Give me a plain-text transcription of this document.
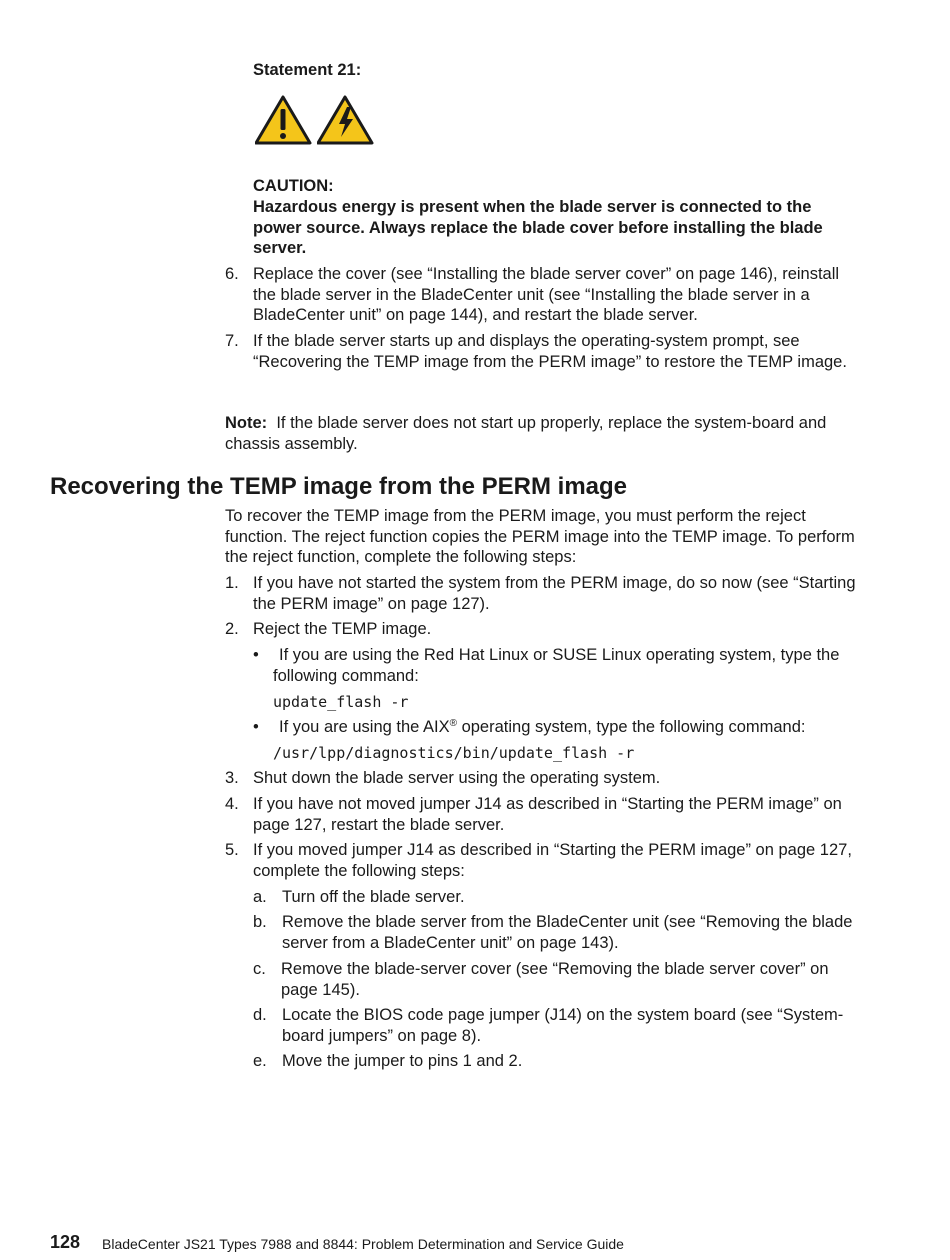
Statement 21:
CAUTION:
Hazardous energy is present when the blade server is connected to the power source. Always replace the blade cover before installing the blade server.
6. Replace the cover (see “Installing the blade server cover” on page 146), reinstall the blade server in the BladeCenter unit (see “Installing the blade server in a BladeCenter unit” on page 144), and restart the blade server.
7. If the blade server starts up and displays the operating-system prompt, see “Recovering the TEMP image from the PERM image” to restore the TEMP image.
Note: If the blade server does not start up properly, replace the system-board and chassis assembly.
Recovering the TEMP image from the PERM image
To recover the TEMP image from the PERM image, you must perform the reject function. The reject function copies the PERM image into the TEMP image. To perform the reject function, complete the following steps:
1. If you have not started the system from the PERM image, do so now (see “Starting the PERM image” on page 127).
2. Reject the TEMP image.
•	If you are using the Red Hat Linux or SUSE Linux operating system, type the following command:
update_flash -r
• If you are using the AIX® operating system, type the following command:
/usr/lpp/diagnostics/bin/update_flash -r
3. Shut down the blade server using the operating system.
4. If you have not moved jumper J14 as described in “Starting the PERM image” on page 127, restart the blade server.
5. If you moved jumper J14 as described in “Starting the PERM image” on page 127, complete the following steps:
a. Turn off the blade server.
b. Remove the blade server from the BladeCenter unit (see “Removing the blade server from a BladeCenter unit” on page 143).
c. Remove the blade-server cover (see “Removing the blade server cover” on page 145).
d. Locate the BIOS code page jumper (J14) on the system board (see “System-board jumpers” on page 8).
e. Move the jumper to pins 1 and 2.
128 BladeCenter JS21 Types 7988 and 8844: Problem Determination and Service Guide
